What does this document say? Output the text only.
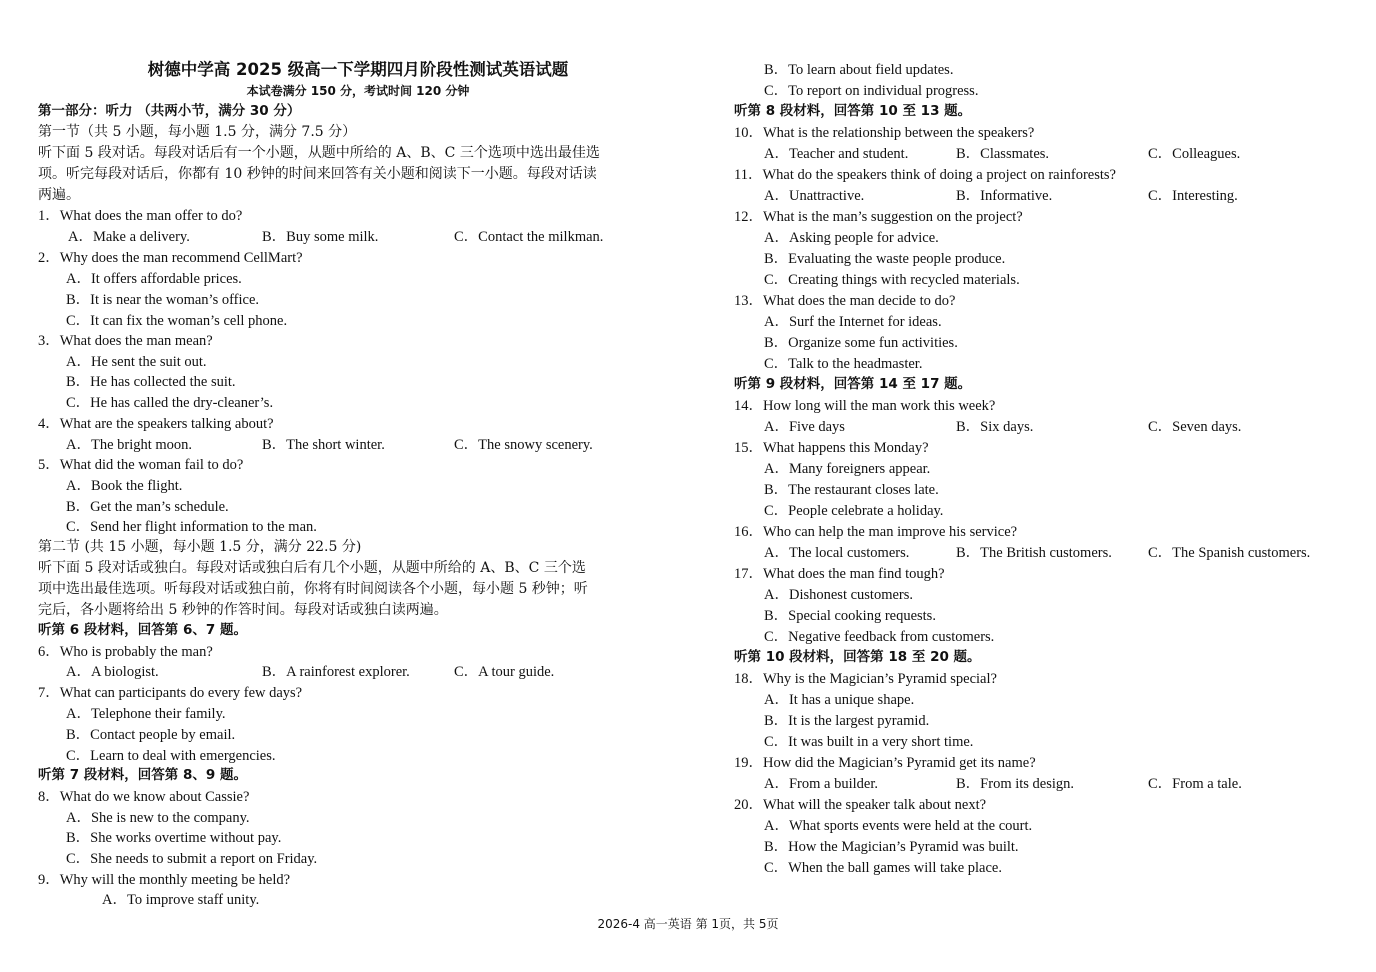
树德中学高 2025 级高一下学期四月阶段性测试英语试题
本试卷满分 150 分，考试时间 120 分钟
第一部分：听力 （共两小节，满分 30 分）
第一节（共 5 小题，每小题 1.5 分，满分 7.5 分）
听下面 5 段对话。每段对话后有一个小题，从题中所给的 A、B、C 三个选项中选出最佳选
项。听完每段对话后，你都有 10 秒钟的时间来回答有关小题和阅读下一小题。每段对话读
两遍。
1．What does the man offer to do?
A．Make a delivery.	B．Buy some milk.	C．Contact the milkman.
2．Why does the man recommend CellMart?
A．It offers affordable prices.
B．It is near the woman’s office.
C．It can fix the woman’s cell phone.
3．What does the man mean?
A．He sent the suit out.
B．He has collected the suit.
C．He has called the dry-cleaner’s.
4．What are the speakers talking about?
A．The bright moon.	B．The short winter.	C．The snowy scenery.
5．What did the woman fail to do?
A．Book the flight.
B．Get the man’s schedule.
C．Send her flight information to the man.
第二节 (共 15 小题，每小题 1.5 分，满分 22.5 分)
听下面 5 段对话或独白。每段对话或独白后有几个小题，从题中所给的 A、B、C 三个选
项中选出最佳选项。听每段对话或独白前，你将有时间阅读各个小题，每小题 5 秒钟；听
完后，各小题将给出 5 秒钟的作答时间。每段对话或独白读两遍。
听第 6 段材料，回答第 6、7 题。
6．Who is probably the man?
A．A biologist.	B．A rainforest explorer.	C．A tour guide.
7．What can participants do every few days?
A．Telephone their family.
B．Contact people by email.
C．Learn to deal with emergencies.
听第 7 段材料，回答第 8、9 题。
8．What do we know about Cassie?
A．She is new to the company.
B．She works overtime without pay.
C．She needs to submit a report on Friday.
9．Why will the monthly meeting be held?
A．To improve staff unity.
B．To learn about field updates.
C．To report on individual progress.
听第 8 段材料，回答第 10 至 13 题。
10．What is the relationship between the speakers?
A．Teacher and student.	B．Classmates.	C．Colleagues.
11．What do the speakers think of doing a project on rainforests?
A．Unattractive.	B．Informative.	C．Interesting.
12．What is the man’s suggestion on the project?
A．Asking people for advice.
B．Evaluating the waste people produce.
C．Creating things with recycled materials.
13．What does the man decide to do?
A．Surf the Internet for ideas.
B．Organize some fun activities.
C．Talk to the headmaster.
听第 9 段材料，回答第 14 至 17 题。
14．How long will the man work this week?
A．Five days	B．Six days.	C．Seven days.
15．What happens this Monday?
A．Many foreigners appear.
B．The restaurant closes late.
C．People celebrate a holiday.
16．Who can help the man improve his service?
A．The local customers.	B．The British customers. C．The Spanish customers.
17．What does the man find tough?
A．Dishonest customers.
B．Special cooking requests.
C．Negative feedback from customers.
听第 10 段材料，回答第 18 至 20 题。
18．Why is the Magician’s Pyramid special?
A．It has a unique shape.
B．It is the largest pyramid.
C．It was built in a very short time.
19．How did the Magician’s Pyramid get its name?
A．From a builder.	B．From its design.	C．From a tale.
20．What will the speaker talk about next?
A．What sports events were held at the court.
B．How the Magician’s Pyramid was built.
C．When the ball games will take place.
2026-4 高一英语 第 1页，共 5页
